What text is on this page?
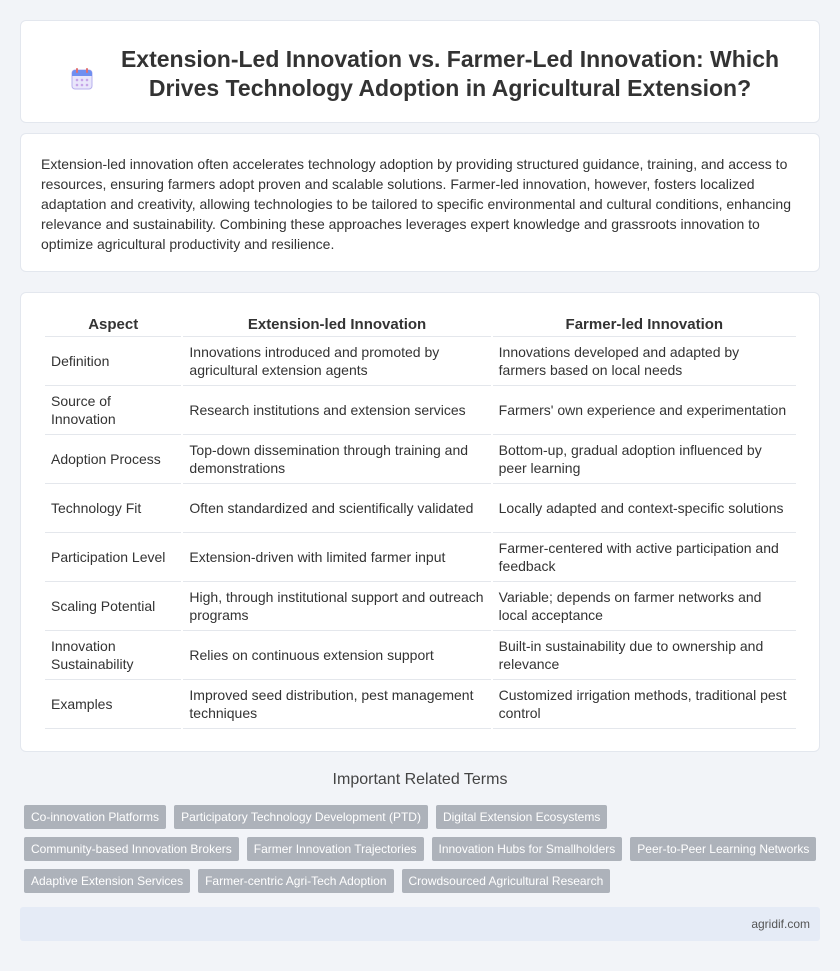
Extension-Led Innovation vs. Farmer-Led Innovation: Which Drives Technology Adoption in Agricultural Extension?

Extension-led innovation often accelerates technology adoption by providing structured guidance, training, and access to resources, ensuring farmers adopt proven and scalable solutions. Farmer-led innovation, however, fosters localized adaptation and creativity, allowing technologies to be tailored to specific environmental and cultural conditions, enhancing relevance and sustainability. Combining these approaches leverages expert knowledge and grassroots innovation to optimize agricultural productivity and resilience.

Aspect	Extension-led Innovation	Farmer-led Innovation
Definition	Innovations introduced and promoted by agricultural extension agents	Innovations developed and adapted by farmers based on local needs
Source of Innovation	Research institutions and extension services	Farmers' own experience and experimentation
Adoption Process	Top-down dissemination through training and demonstrations	Bottom-up, gradual adoption influenced by peer learning
Technology Fit	Often standardized and scientifically validated	Locally adapted and context-specific solutions
Participation Level	Extension-driven with limited farmer input	Farmer-centered with active participation and feedback
Scaling Potential	High, through institutional support and outreach programs	Variable; depends on farmer networks and local acceptance
Innovation Sustainability	Relies on continuous extension support	Built-in sustainability due to ownership and relevance
Examples	Improved seed distribution, pest management techniques	Customized irrigation methods, traditional pest control
Important Related Terms
Co-innovation Platforms	Participatory Technology Development (PTD)	Digital Extension Ecosystems
Community-based Innovation Brokers	Farmer Innovation Trajectories	Innovation Hubs for Smallholders	Peer-to-Peer Learning Networks
Adaptive Extension Services	Farmer-centric Agri-Tech Adoption	Crowdsourced Agricultural Research
agridif.com
